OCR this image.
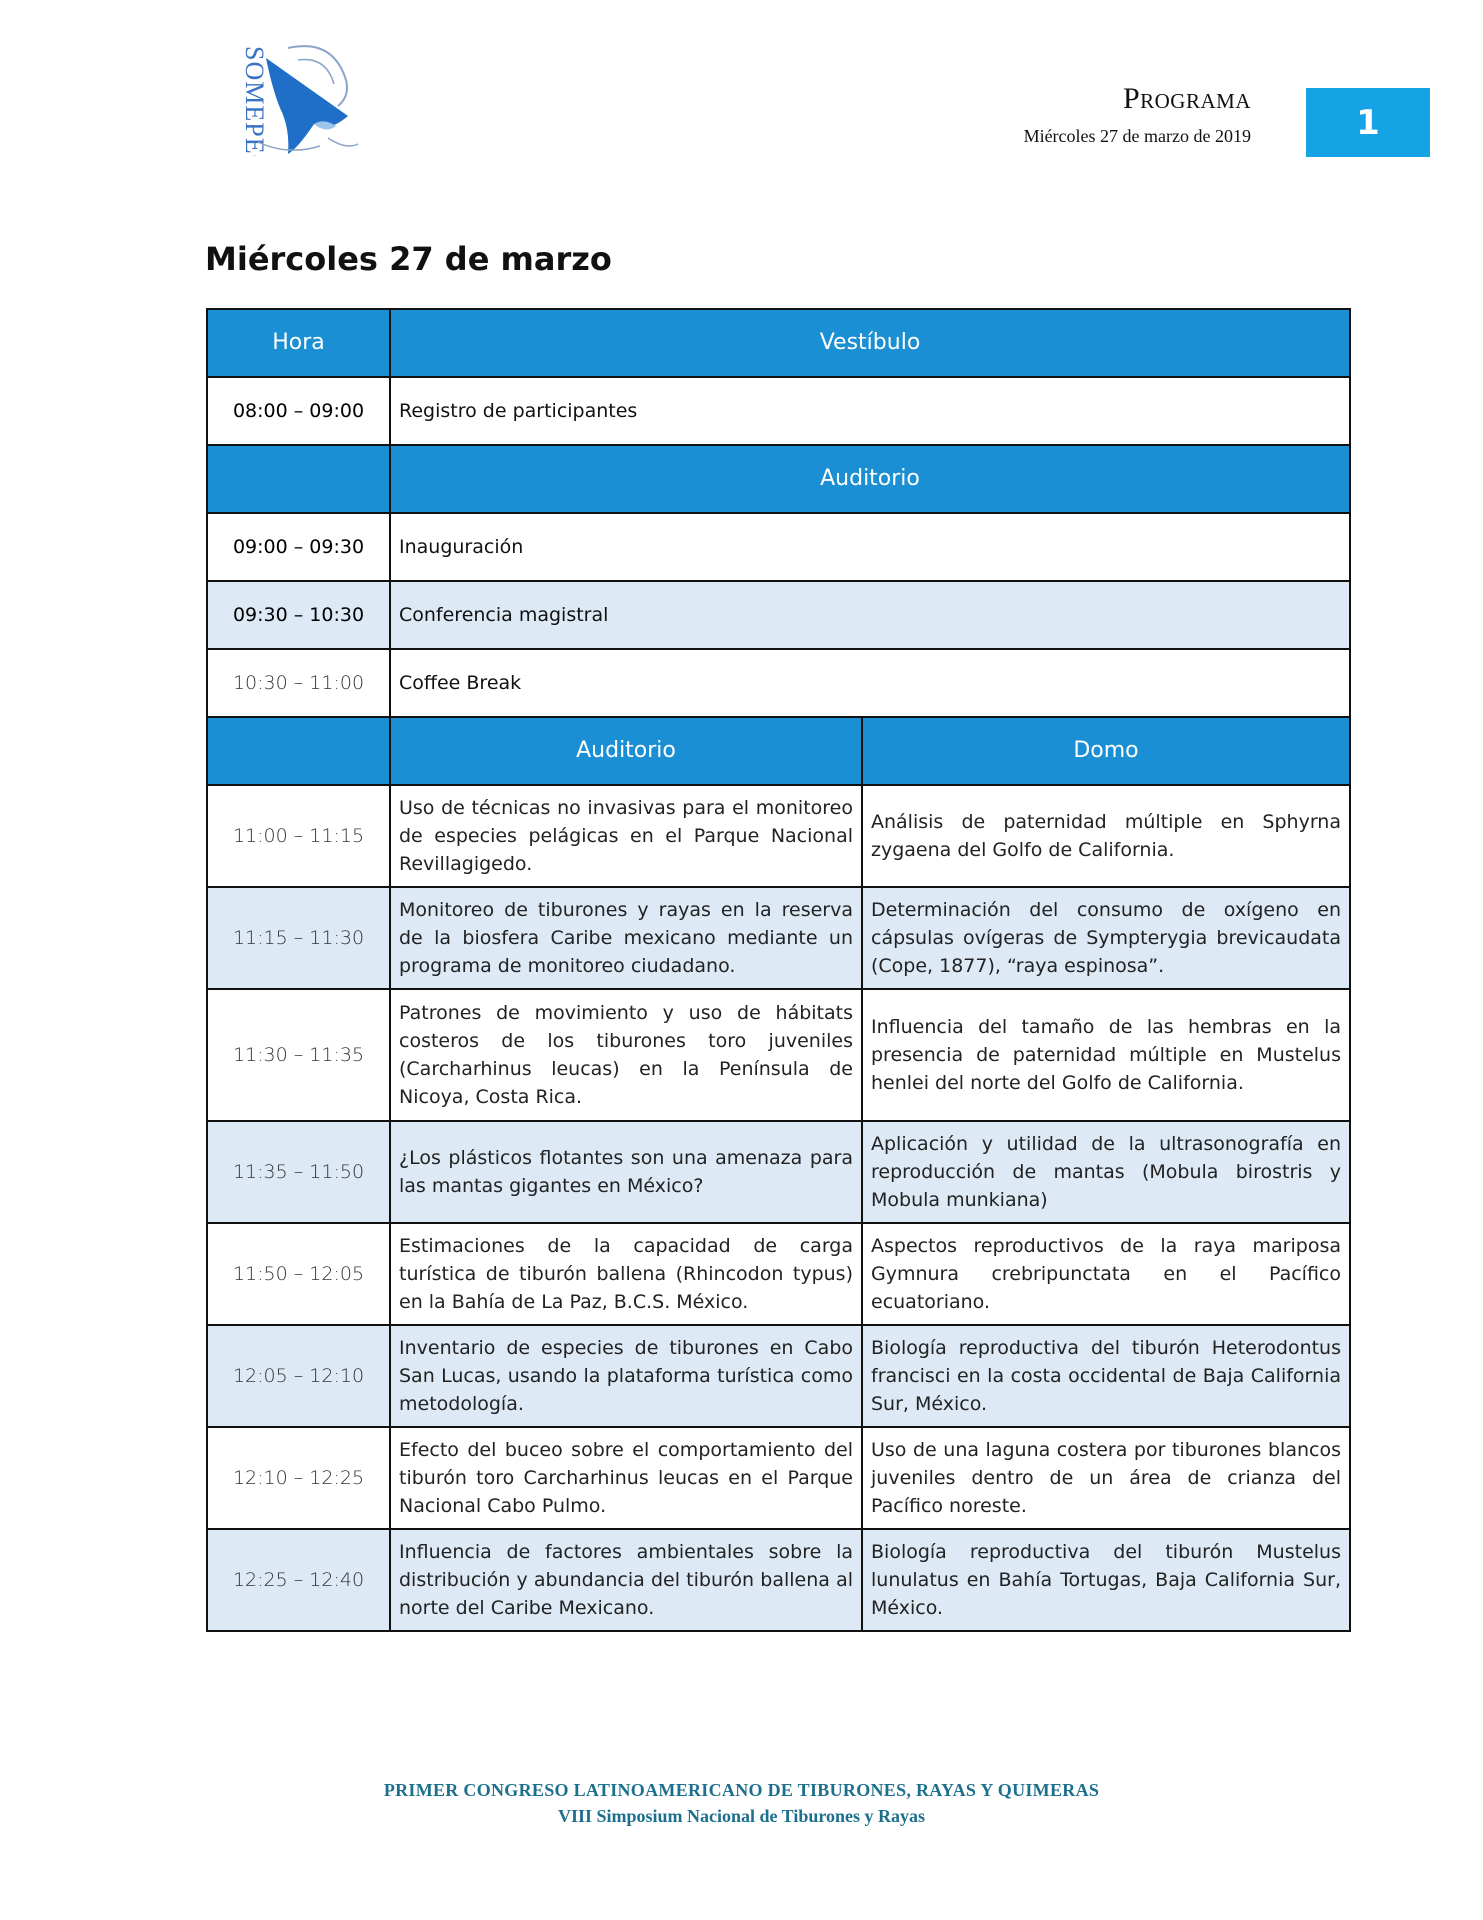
SOMEPEC	Programa
Miércoles 27 de marzo de 2019	1
Miércoles 27 de marzo
Hora	Vestíbulo	
08:00 – 09:00	Registro de participantes	
	Auditorio	
09:00 – 09:30	Inauguración	
09:30 – 10:30	Conferencia magistral	
10:30 – 11:00	Coffee Break	
	Auditorio	Domo
11:00 – 11:15	Uso de técnicas no invasivas para el monitoreo de especies pelágicas en el Parque Nacional Revillagigedo.	Análisis de paternidad múltiple en Sphyrna zygaena del Golfo de California.
11:15 – 11:30	Monitoreo de tiburones y rayas en la reserva de la biosfera Caribe mexicano mediante un programa de monitoreo ciudadano.	Determinación del consumo de oxígeno en cápsulas ovígeras de Sympterygia brevicaudata (Cope, 1877), “raya espinosa”.
11:30 – 11:35	Patrones de movimiento y uso de hábitats costeros de los tiburones toro juveniles (Carcharhinus leucas) en la Península de Nicoya, Costa Rica.	Influencia del tamaño de las hembras en la presencia de paternidad múltiple en Mustelus henlei del norte del Golfo de California.
11:35 – 11:50	¿Los plásticos flotantes son una amenaza para las mantas gigantes en México?	Aplicación y utilidad de la ultrasonografía en reproducción de mantas (Mobula birostris y Mobula munkiana)
11:50 – 12:05	Estimaciones de la capacidad de carga turística de tiburón ballena (Rhincodon typus) en la Bahía de La Paz, B.C.S. México.	Aspectos reproductivos de la raya mariposa Gymnura crebripunctata en el Pacífico ecuatoriano.
12:05 – 12:10	Inventario de especies de tiburones en Cabo San Lucas, usando la plataforma turística como metodología.	Biología reproductiva del tiburón Heterodontus francisci en la costa occidental de Baja California Sur, México.
12:10 – 12:25	Efecto del buceo sobre el comportamiento del tiburón toro Carcharhinus leucas en el Parque Nacional Cabo Pulmo.	Uso de una laguna costera por tiburones blancos juveniles dentro de un área de crianza del Pacífico noreste.
12:25 – 12:40	Influencia de factores ambientales sobre la distribución y abundancia del tiburón ballena al norte del Caribe Mexicano.	Biología reproductiva del tiburón Mustelus lunulatus en Bahía Tortugas, Baja California Sur, México.
PRIMER CONGRESO LATINOAMERICANO DE TIBURONES, RAYAS Y QUIMERAS
VIII Simposium Nacional de Tiburones y Rayas
